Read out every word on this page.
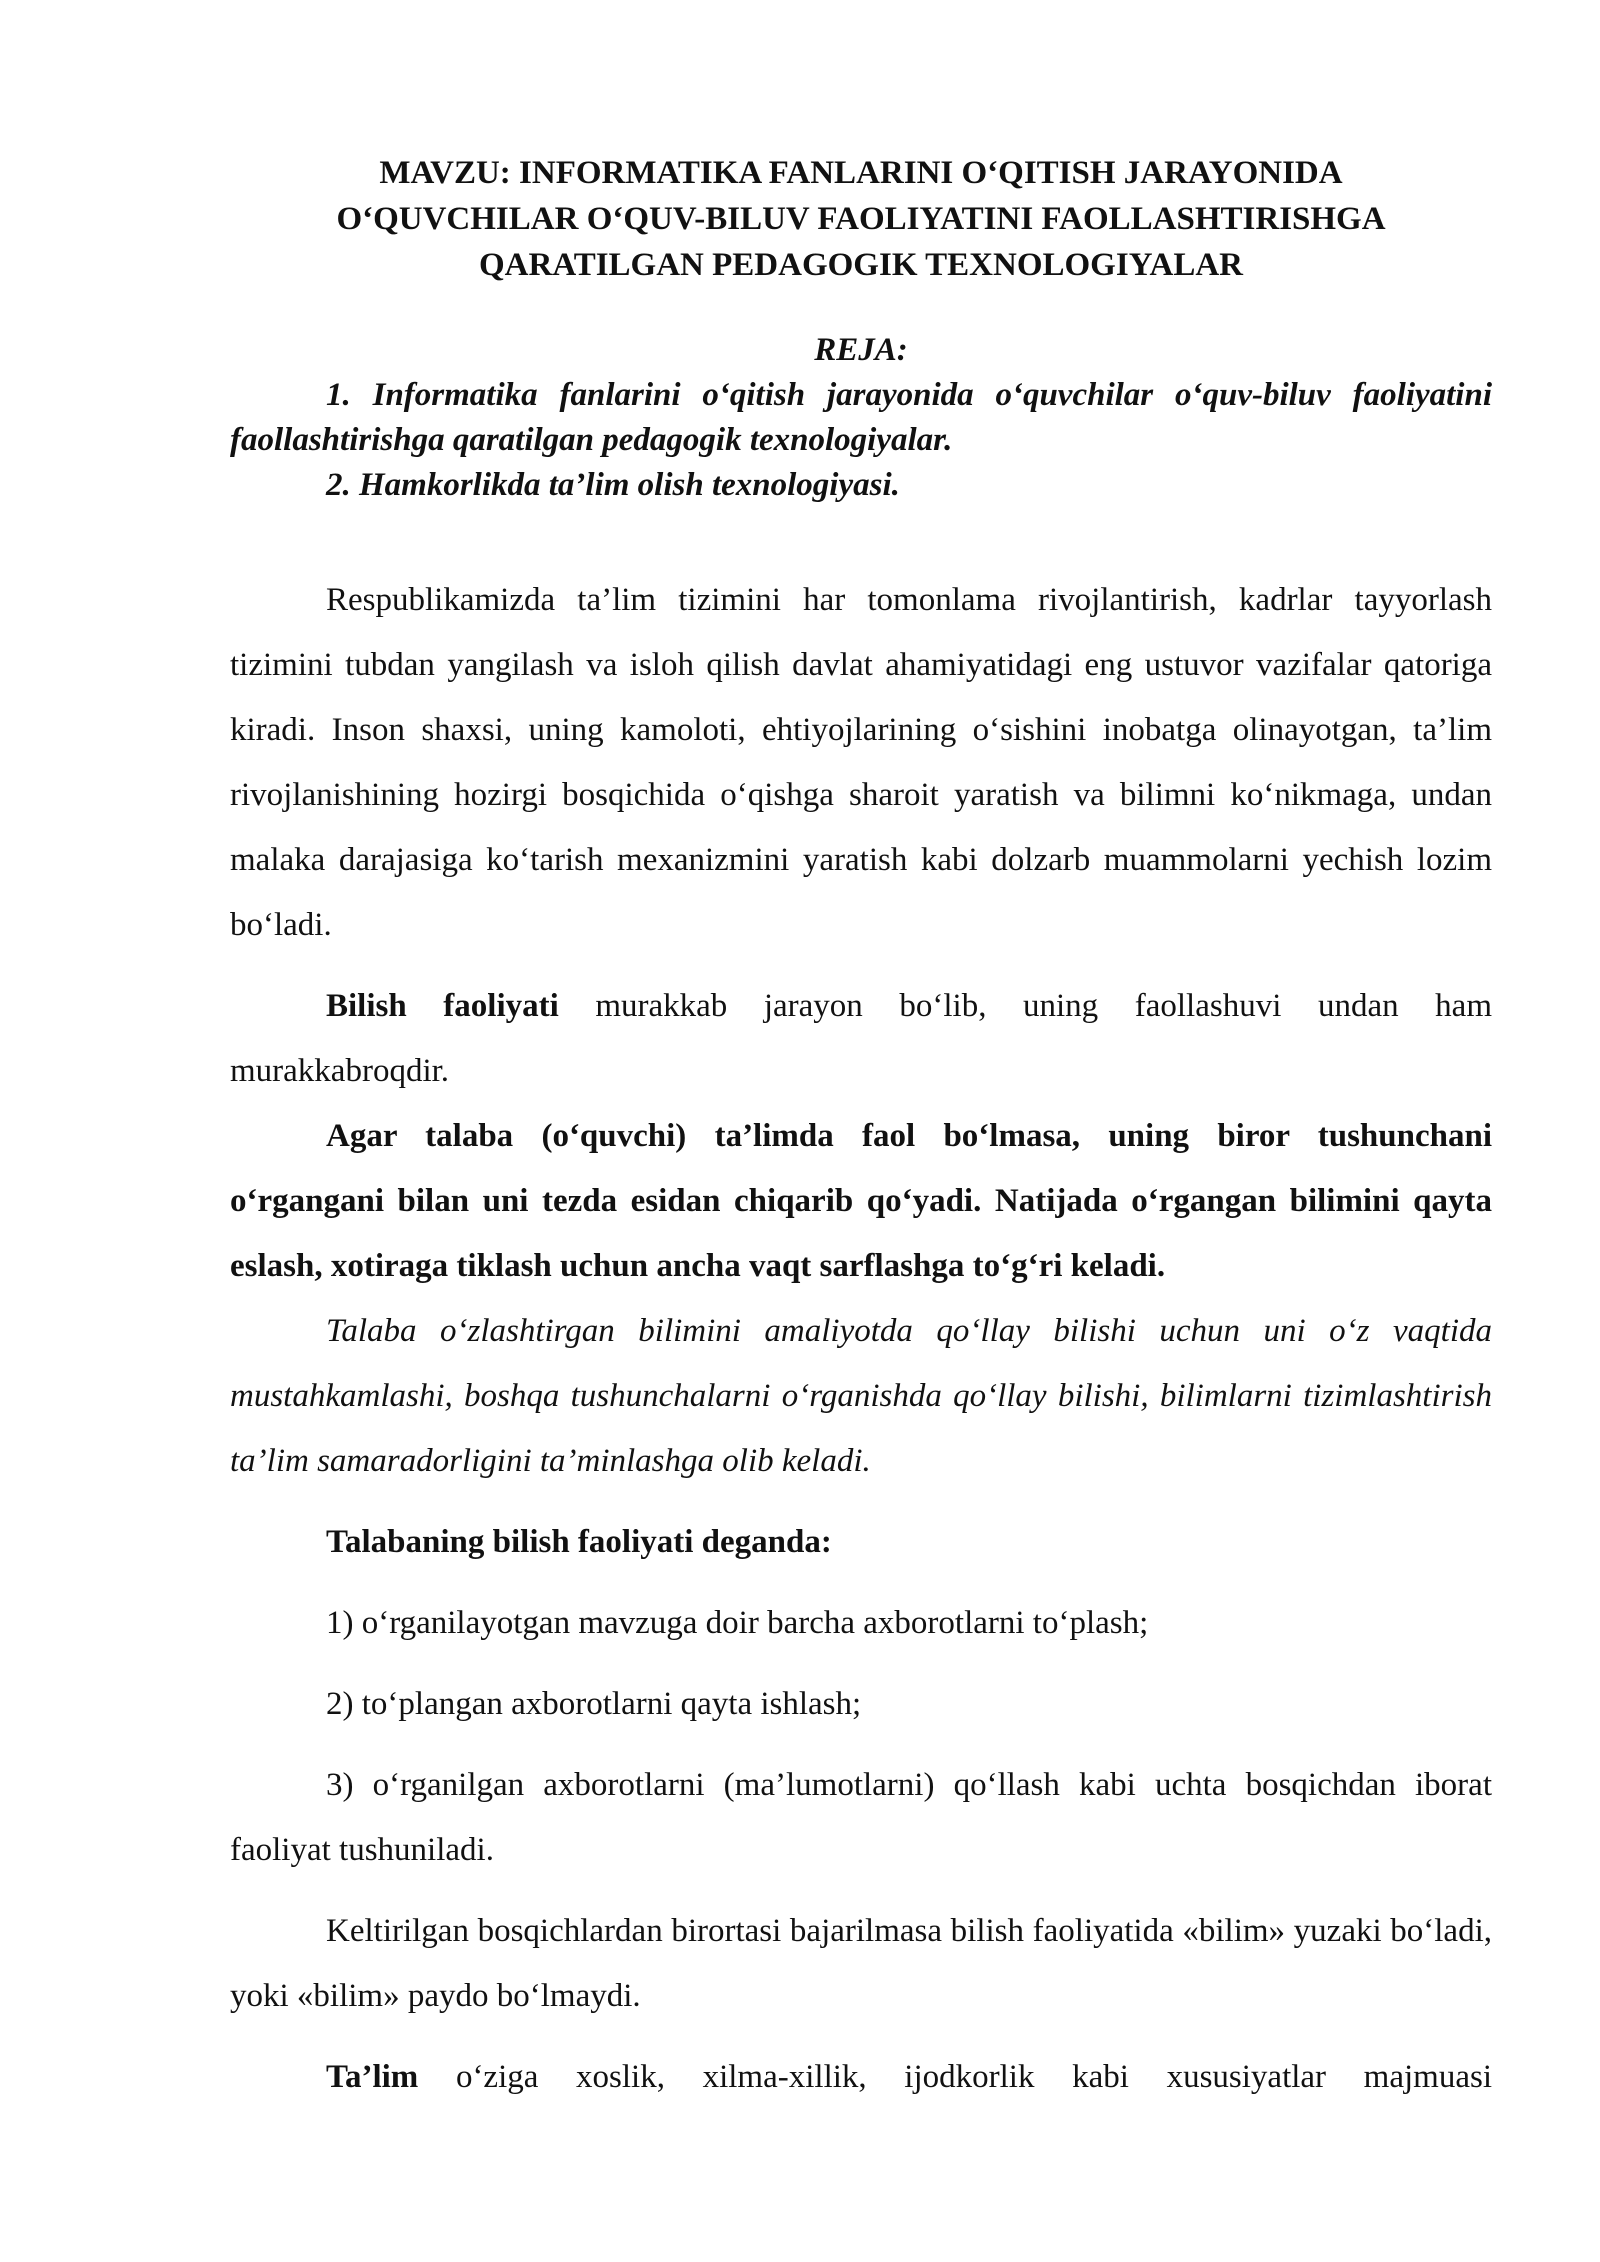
MAVZU: INFORMATIKA FANLARINI O‘QITISH JARAYONIDA
O‘QUVCHILAR O‘QUV-BILUV FAOLIYATINI FAOLLASHTIRISHGA
QARATILGAN PEDAGOGIK TEXNOLOGIYALAR

REJA:

1. Informatika fanlarini o‘qitish jarayonida o‘quvchilar o‘quv-biluv faoliyatini faollashtirishga qaratilgan pedagogik texnologiyalar.

2. Hamkorlikda ta’lim olish texnologiyasi.

Respublikamizda ta’lim tizimini har tomonlama rivojlantirish, kadrlar tayyorlash tizimini tubdan yangilash va isloh qilish davlat ahamiyatidagi eng ustuvor vazifalar qatoriga kiradi. Inson shaxsi, uning kamoloti, ehtiyojlarining o‘sishini inobatga olinayotgan, ta’lim rivojlanishining hozirgi bosqichida o‘qishga sharoit yaratish va bilimni ko‘nikmaga, undan malaka darajasiga ko‘tarish mexanizmini yaratish kabi dolzarb muammolarni yechish lozim bo‘ladi.

Bilish faoliyati murakkab jarayon bo‘lib, uning faollashuvi undan ham murakkabroqdir.

Agar talaba (o‘quvchi) ta’limda faol bo‘lmasa, uning biror tushunchani o‘rgangani bilan uni tezda esidan chiqarib qo‘yadi. Natijada o‘rgangan bilimini qayta eslash, xotiraga tiklash uchun ancha vaqt sarflashga to‘g‘ri keladi.

Talaba o‘zlashtirgan bilimini amaliyotda qo‘llay bilishi uchun uni o‘z vaqtida mustahkamlashi, boshqa tushunchalarni o‘rganishda qo‘llay bilishi, bilimlarni tizimlashtirish ta’lim samaradorligini ta’minlashga olib keladi.

Talabaning bilish faoliyati deganda:

1) o‘rganilayotgan mavzuga doir barcha axborotlarni to‘plash;

2) to‘plangan axborotlarni qayta ishlash;

3) o‘rganilgan axborotlarni (ma’lumotlarni) qo‘llash kabi uchta bosqichdan iborat faoliyat tushuniladi.

Keltirilgan bosqichlardan birortasi bajarilmasa bilish faoliyatida «bilim» yuzaki bo‘ladi, yoki «bilim» paydo bo‘lmaydi.

Ta’lim o‘ziga xoslik, xilma-xillik, ijodkorlik kabi xususiyatlar majmuasi
